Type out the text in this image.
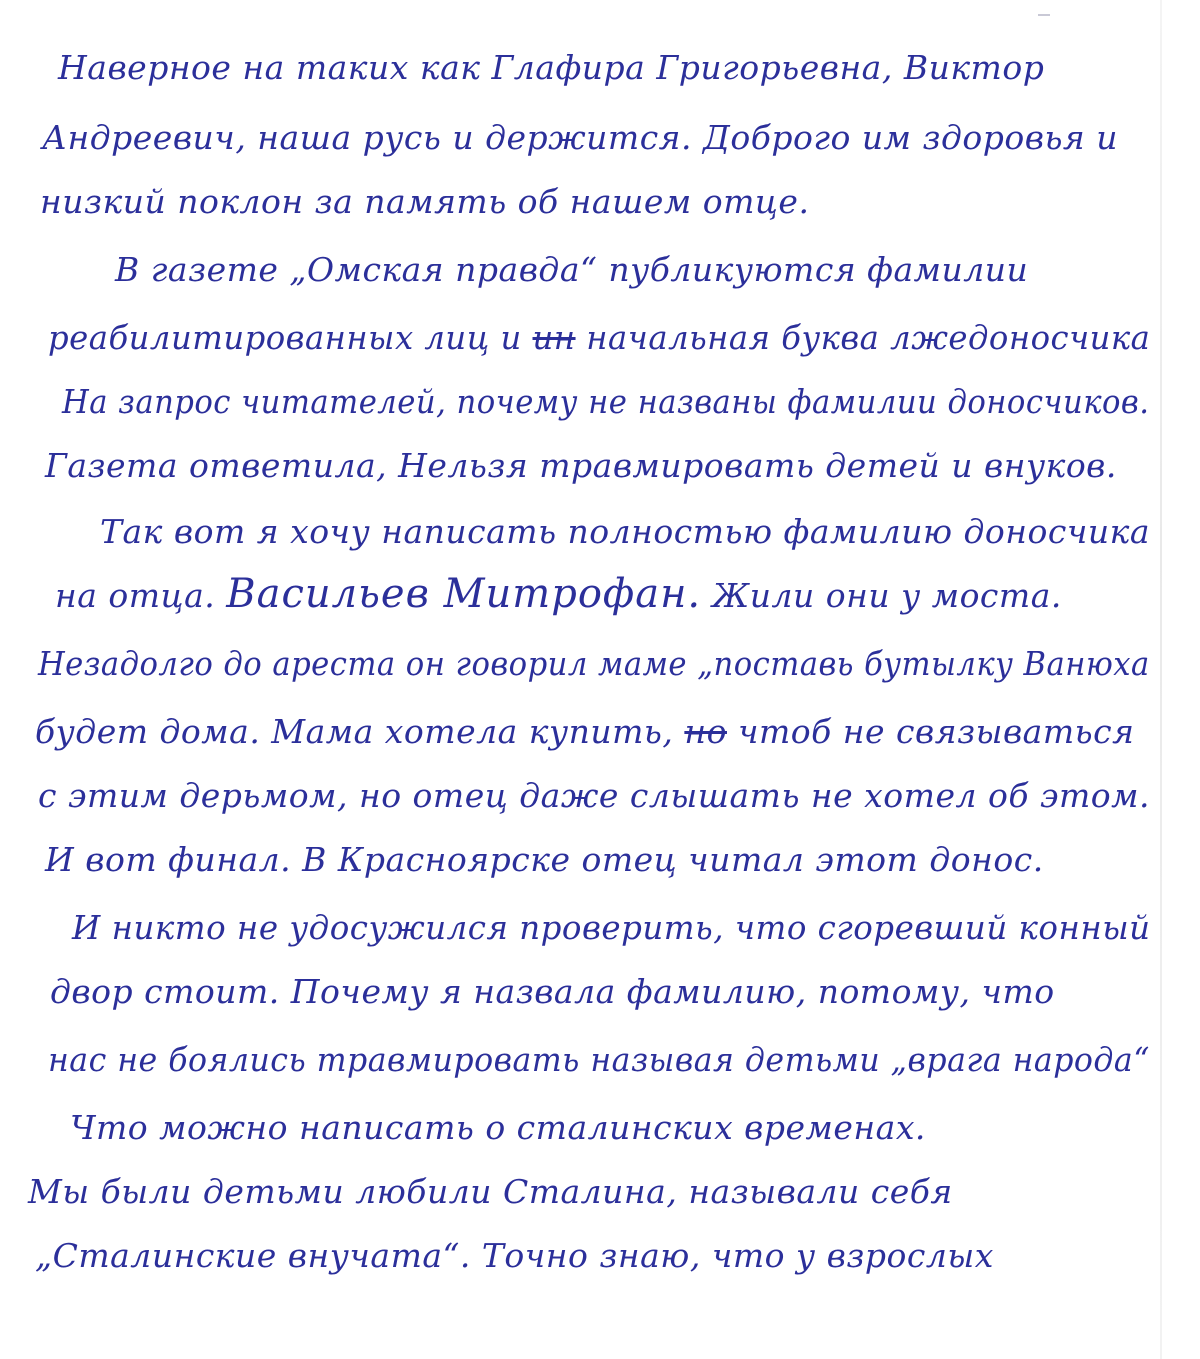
Наверное на таких как Глафира Григорьевна, Виктор
Андреевич, наша русь и держится. Доброго им здоровья и
низкий поклон за память об нашем отце.
В газете „Омская правда“ публикуются фамилии
реабилитированных лиц и ин начальная буква лжедоносчика
На запрос читателей, почему не названы фамилии доносчиков.
Газета ответила, Нельзя травмировать детей и внуков.
Так вот я хочу написать полностью фамилию доносчика
на отца. Васильев Митрофан. Жили они у моста.
Незадолго до ареста он говорил маме „поставь бутылку Ванюха
будет дома. Мама хотела купить, но чтоб не связываться
с этим дерьмом, но отец даже слышать не хотел об этом.
И вот финал. В Красноярске отец читал этот донос.
И никто не удосужился проверить, что сгоревший конный
двор стоит. Почему я назвала фамилию, потому, что
нас не боялись травмировать называя детьми „врага народа“
Что можно написать о сталинских временах.
Мы были детьми любили Сталина, называли себя
„Сталинские внучата“. Точно знаю, что у взрослых
